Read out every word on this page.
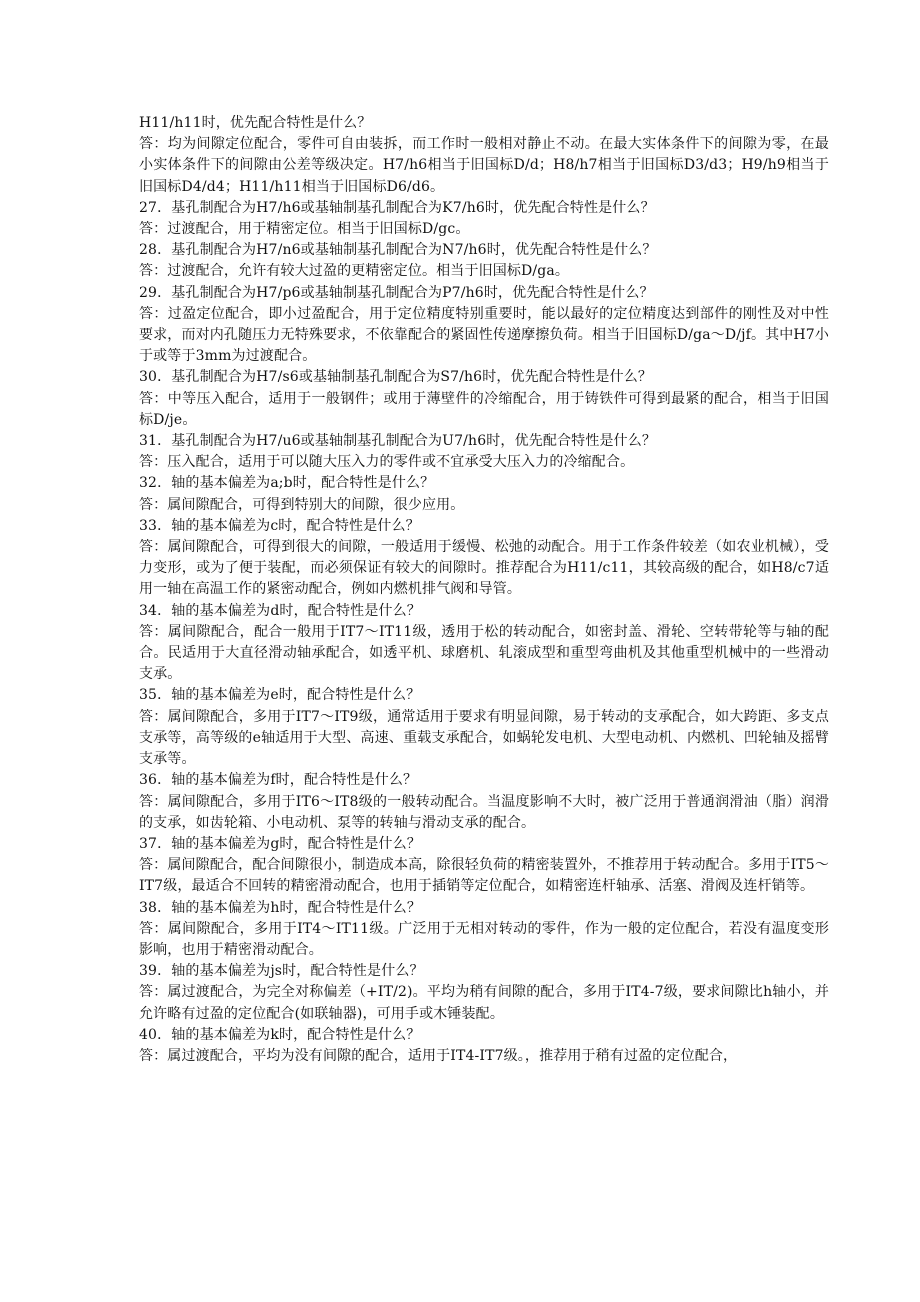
H11/h11时，优先配合特性是什么？

答：均为间隙定位配合，零件可自由装拆，而工作时一般相对静止不动。在最大实体条件下的间隙为零，在最小实体条件下的间隙由公差等级决定。H7/h6相当于旧国标D/d；H8/h7相当于旧国标D3/d3；H9/h9相当于旧国标D4/d4；H11/h11相当于旧国标D6/d6。

27．基孔制配合为H7/h6或基轴制基孔制配合为K7/h6时，优先配合特性是什么？

答：过渡配合，用于精密定位。相当于旧国标D/gc。

28．基孔制配合为H7/n6或基轴制基孔制配合为N7/h6时，优先配合特性是什么？

答：过渡配合，允许有较大过盈的更精密定位。相当于旧国标D/ga。

29．基孔制配合为H7/p6或基轴制基孔制配合为P7/h6时，优先配合特性是什么？

答：过盈定位配合，即小过盈配合，用于定位精度特别重要时，能以最好的定位精度达到部件的刚性及对中性要求，而对内孔随压力无特殊要求，不依靠配合的紧固性传递摩擦负荷。相当于旧国标D/ga～D/jf。其中H7小于或等于3mm为过渡配合。

30．基孔制配合为H7/s6或基轴制基孔制配合为S7/h6时，优先配合特性是什么？

答：中等压入配合，适用于一般钢件；或用于薄壁件的冷缩配合，用于铸铁件可得到最紧的配合，相当于旧国标D/je。

31．基孔制配合为H7/u6或基轴制基孔制配合为U7/h6时，优先配合特性是什么？

答：压入配合，适用于可以随大压入力的零件或不宜承受大压入力的冷缩配合。

32．轴的基本偏差为a;b时，配合特性是什么？

答：属间隙配合，可得到特别大的间隙，很少应用。

33．轴的基本偏差为c时，配合特性是什么？

答：属间隙配合，可得到很大的间隙，一般适用于缓慢、松弛的动配合。用于工作条件较差（如农业机械），受力变形，或为了便于装配，而必须保证有较大的间隙时。推荐配合为H11/c11，其较高级的配合，如H8/c7适用一轴在高温工作的紧密动配合，例如内燃机排气阀和导管。

34．轴的基本偏差为d时，配合特性是什么？

答：属间隙配合，配合一般用于IT7～IT11级，透用于松的转动配合，如密封盖、滑轮、空转带轮等与轴的配合。民适用于大直径滑动轴承配合，如透平机、球磨机、轧滚成型和重型弯曲机及其他重型机械中的一些滑动支承。

35．轴的基本偏差为e时，配合特性是什么？

答：属间隙配合，多用于IT7～IT9级，通常适用于要求有明显间隙，易于转动的支承配合，如大跨距、多支点支承等，高等级的e轴适用于大型、高速、重载支承配合，如蜗轮发电机、大型电动机、内燃机、凹轮轴及摇臂支承等。

36．轴的基本偏差为f时，配合特性是什么？

答：属间隙配合，多用于IT6～IT8级的一般转动配合。当温度影响不大时，被广泛用于普通润滑油（脂）润滑的支承，如齿轮箱、小电动机、泵等的转轴与滑动支承的配合。

37．轴的基本偏差为g时，配合特性是什么？

答：属间隙配合，配合间隙很小，制造成本高，除很轻负荷的精密装置外，不推荐用于转动配合。多用于IT5～IT7级，最适合不回转的精密滑动配合，也用于插销等定位配合，如精密连杆轴承、活塞、滑阀及连杆销等。

38．轴的基本偏差为h时，配合特性是什么？

答：属间隙配合，多用于IT4～IT11级。广泛用于无相对转动的零件，作为一般的定位配合，若没有温度变形影响，也用于精密滑动配合。

39．轴的基本偏差为js时，配合特性是什么？

答：属过渡配合，为完全对称偏差（+IT/2)。平均为稍有间隙的配合，多用于IT4-7级，要求间隙比h轴小，并允许略有过盈的定位配合(如联轴器)，可用手或木锤装配。

40．轴的基本偏差为k时，配合特性是什么？

答：属过渡配合，平均为没有间隙的配合，适用于IT4-IT7级。，推荐用于稍有过盈的定位配合，
